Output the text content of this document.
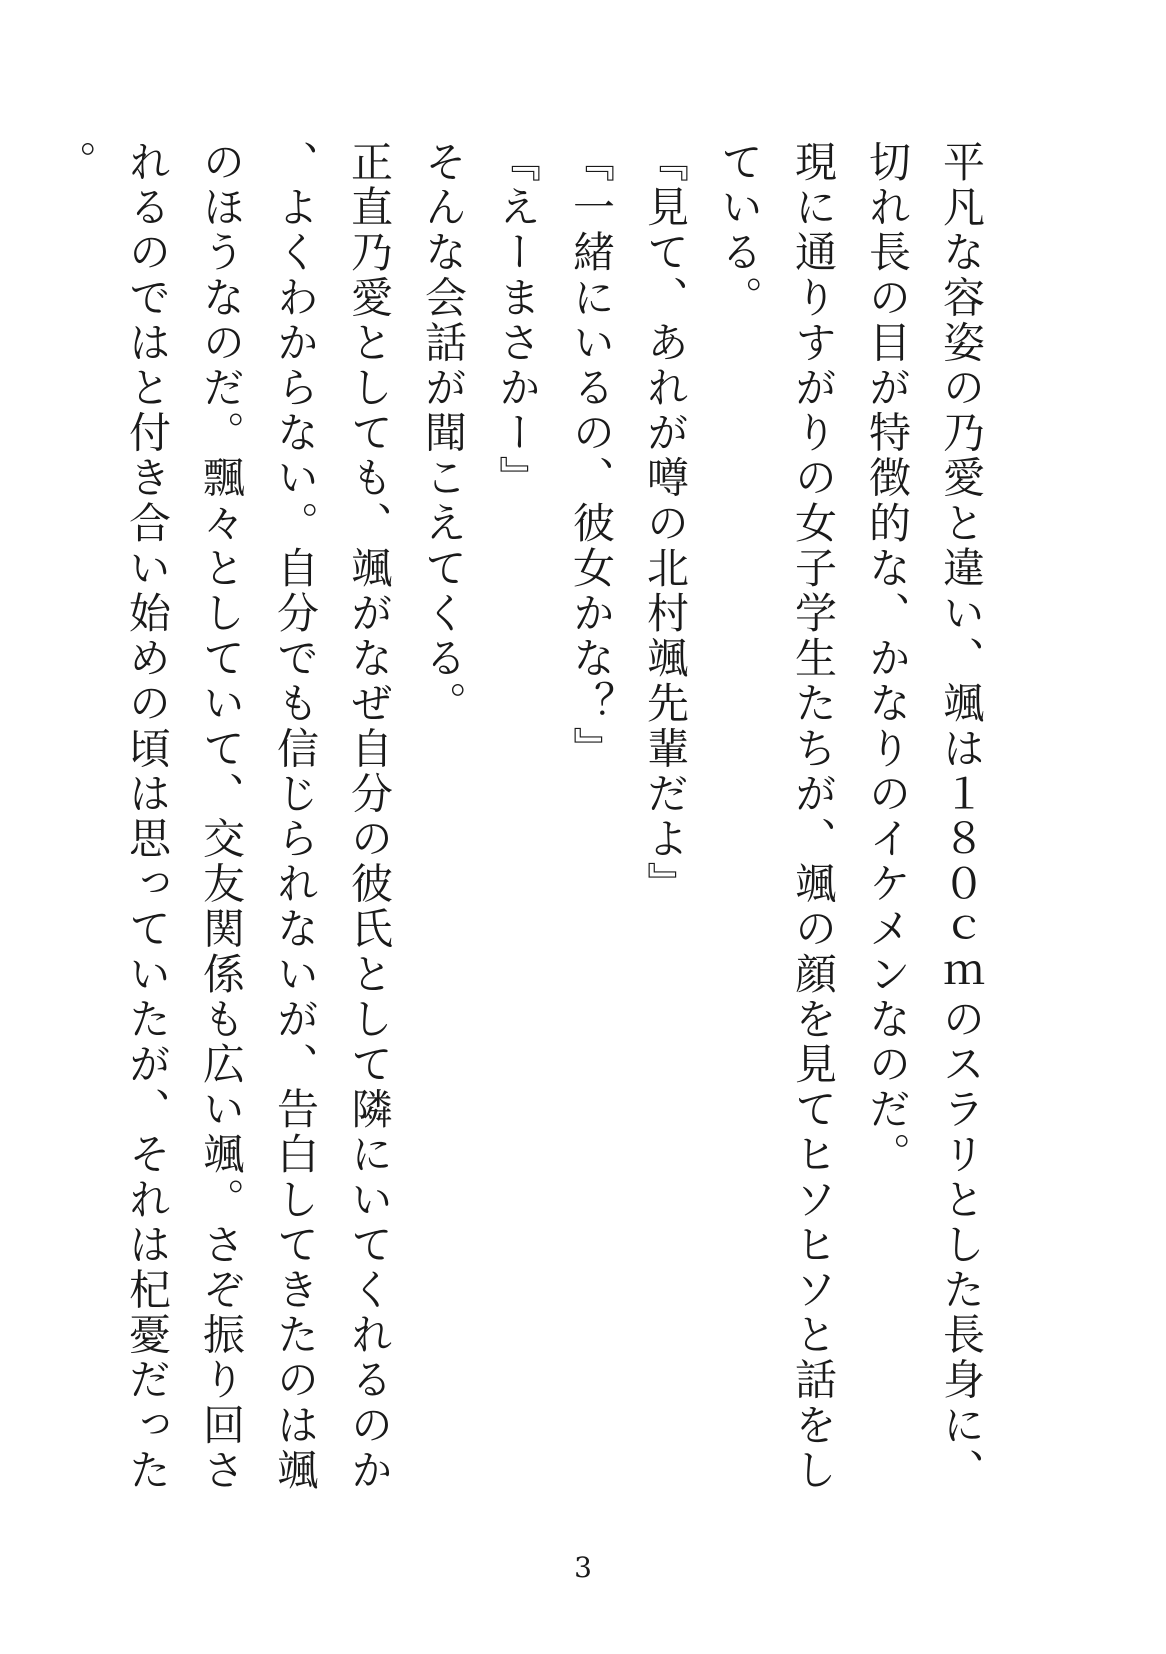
平凡な容姿の乃愛と違い、颯は１８０ｃｍのスラリとした長身に、切れ長の目が特徴的な、かなりのイケメンなのだ。

現に通りすがりの女子学生たちが、颯の顔を見てヒソヒソと話をしている。

『見て、あれが噂の北村颯先輩だよ』

『一緒にいるの、彼女かな？』

『えーまさかー』

そんな会話が聞こえてくる。

正直乃愛としても、颯がなぜ自分の彼氏として隣にいてくれるのか、よくわからない。自分でも信じられないが、告白してきたのは颯のほうなのだ。飄々としていて、交友関係も広い颯。さぞ振り回されるのではと付き合い始めの頃は思っていたが、それは杞憂だった。

3
